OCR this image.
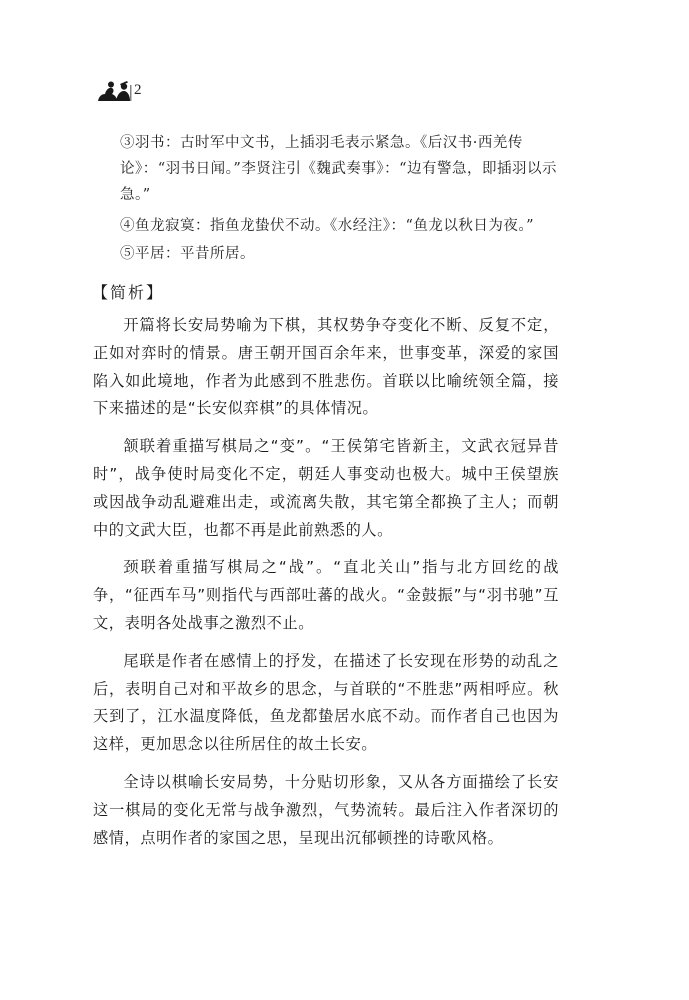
2

③羽书：古时军中文书，上插羽毛表示紧急。《后汉书·西羌传论》：“羽书日闻。”李贤注引《魏武奏事》：“边有警急，即插羽以示急。”

④鱼龙寂寞：指鱼龙蛰伏不动。《水经注》：“鱼龙以秋日为夜。”

⑤平居：平昔所居。

【简析】

开篇将长安局势喻为下棋，其权势争夺变化不断、反复不定，正如对弈时的情景。唐王朝开国百余年来，世事变革，深爱的家国陷入如此境地，作者为此感到不胜悲伤。首联以比喻统领全篇，接下来描述的是“长安似弈棋”的具体情况。

颔联着重描写棋局之“变”。“王侯第宅皆新主，文武衣冠异昔时”，战争使时局变化不定，朝廷人事变动也极大。城中王侯望族或因战争动乱避难出走，或流离失散，其宅第全都换了主人；而朝中的文武大臣，也都不再是此前熟悉的人。

颈联着重描写棋局之“战”。“直北关山”指与北方回纥的战争，“征西车马”则指代与西部吐蕃的战火。“金鼓振”与“羽书驰”互文，表明各处战事之激烈不止。

尾联是作者在感情上的抒发，在描述了长安现在形势的动乱之后，表明自己对和平故乡的思念，与首联的“不胜悲”两相呼应。秋天到了，江水温度降低，鱼龙都蛰居水底不动。而作者自己也因为这样，更加思念以往所居住的故土长安。

全诗以棋喻长安局势，十分贴切形象，又从各方面描绘了长安这一棋局的变化无常与战争激烈，气势流转。最后注入作者深切的感情，点明作者的家国之思，呈现出沉郁顿挫的诗歌风格。
